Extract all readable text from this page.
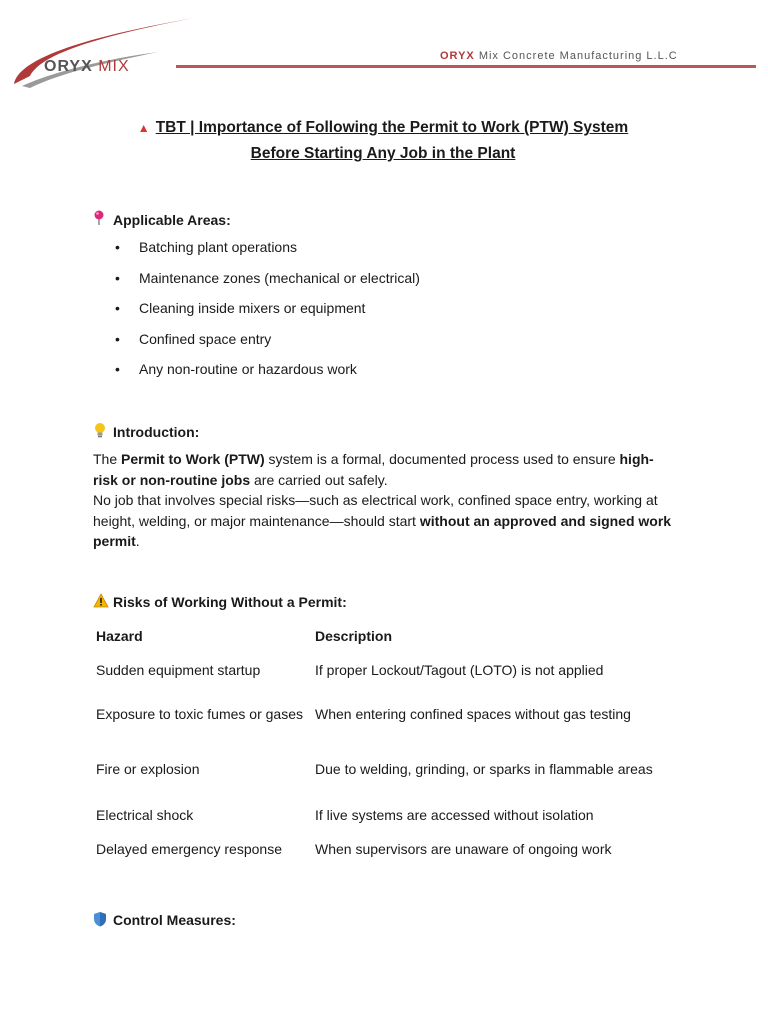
ORYX MIX
ORYX Mix Concrete Manufacturing L.L.C
▲ TBT | Importance of Following the Permit to Work (PTW) System
Before Starting Any Job in the Plant
Applicable Areas:
•	Batching plant operations
•	Maintenance zones (mechanical or electrical)
•	Cleaning inside mixers or equipment
•	Confined space entry
•	Any non-routine or hazardous work
Introduction:

The Permit to Work (PTW) system is a formal, documented process used to ensure high-risk or non-routine jobs are carried out safely.
No job that involves special risks—such as electrical work, confined space entry, working at height, welding, or major maintenance—should start without an approved and signed work permit.

Risks of Working Without a Permit:
Hazard	Description
Sudden equipment startup	If proper Lockout/Tagout (LOTO) is not applied
Exposure to toxic fumes or gases	When entering confined spaces without gas testing
Fire or explosion	Due to welding, grinding, or sparks in flammable areas
Electrical shock	If live systems are accessed without isolation
Delayed emergency response	When supervisors are unaware of ongoing work
Control Measures:
